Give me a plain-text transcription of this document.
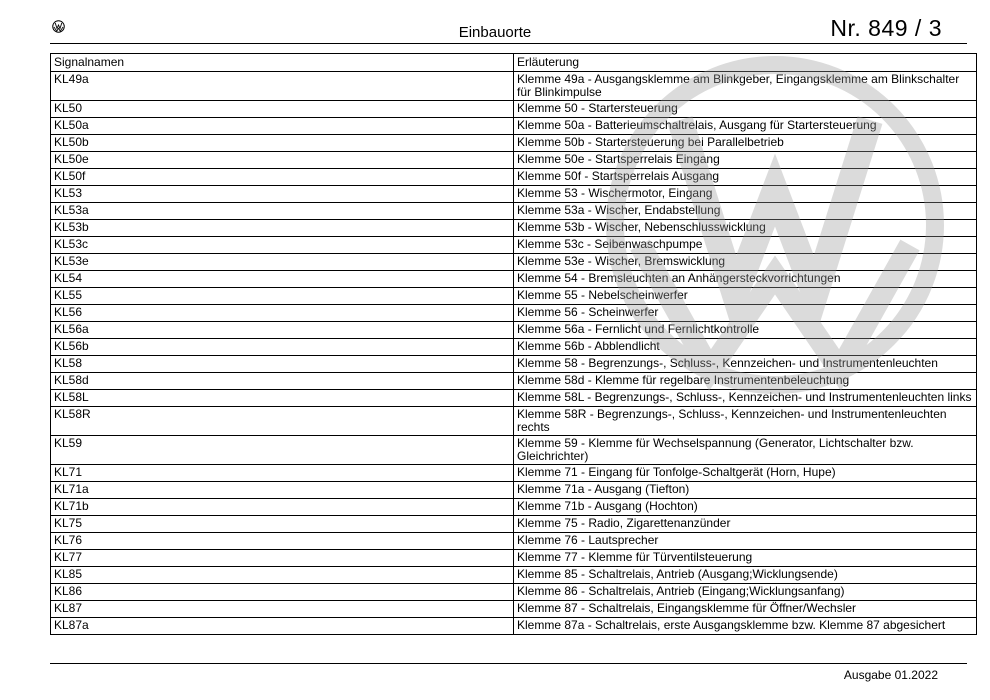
Einbauorte	Nr. 849 / 3
Signalnamen	Erläuterung
KL49a	Klemme 49a - Ausgangsklemme am Blinkgeber, Eingangsklemme am Blinkschalter für Blinkimpulse
KL50	Klemme 50 - Startersteuerung
KL50a	Klemme 50a - Batterieumschaltrelais, Ausgang für Startersteuerung
KL50b	Klemme 50b - Startersteuerung bei Parallelbetrieb
KL50e	Klemme 50e - Startsperrelais Eingang
KL50f	Klemme 50f - Startsperrelais Ausgang
KL53	Klemme 53 - Wischermotor, Eingang
KL53a	Klemme 53a - Wischer, Endabstellung
KL53b	Klemme 53b - Wischer, Nebenschlusswicklung
KL53c	Klemme 53c - Seibenwaschpumpe
KL53e	Klemme 53e - Wischer, Bremswicklung
KL54	Klemme 54 - Bremsleuchten an Anhängersteckvorrichtungen
KL55	Klemme 55 - Nebelscheinwerfer
KL56	Klemme 56 - Scheinwerfer
KL56a	Klemme 56a - Fernlicht und Fernlichtkontrolle
KL56b	Klemme 56b - Abblendlicht
KL58	Klemme 58 - Begrenzungs-, Schluss-, Kennzeichen- und Instrumentenleuchten
KL58d	Klemme 58d - Klemme für regelbare Instrumentenbeleuchtung
KL58L	Klemme 58L - Begrenzungs-, Schluss-, Kennzeichen- und Instrumentenleuchten links
KL58R	Klemme 58R - Begrenzungs-, Schluss-, Kennzeichen- und Instrumentenleuchten rechts
KL59	Klemme 59 - Klemme für Wechselspannung (Generator, Lichtschalter bzw. Gleichrichter)
KL71	Klemme 71 - Eingang für Tonfolge-Schaltgerät (Horn, Hupe)
KL71a	Klemme 71a - Ausgang (Tiefton)
KL71b	Klemme 71b - Ausgang (Hochton)
KL75	Klemme 75 - Radio, Zigarettenanzünder
KL76	Klemme 76 - Lautsprecher
KL77	Klemme 77 - Klemme für Türventilsteuerung
KL85	Klemme 85 - Schaltrelais, Antrieb (Ausgang;Wicklungsende)
KL86	Klemme 86 - Schaltrelais, Antrieb (Eingang;Wicklungsanfang)
KL87	Klemme 87 - Schaltrelais, Eingangsklemme für Öffner/Wechsler
KL87a	Klemme 87a - Schaltrelais, erste Ausgangsklemme bzw. Klemme 87 abgesichert
Ausgabe 01.2022
